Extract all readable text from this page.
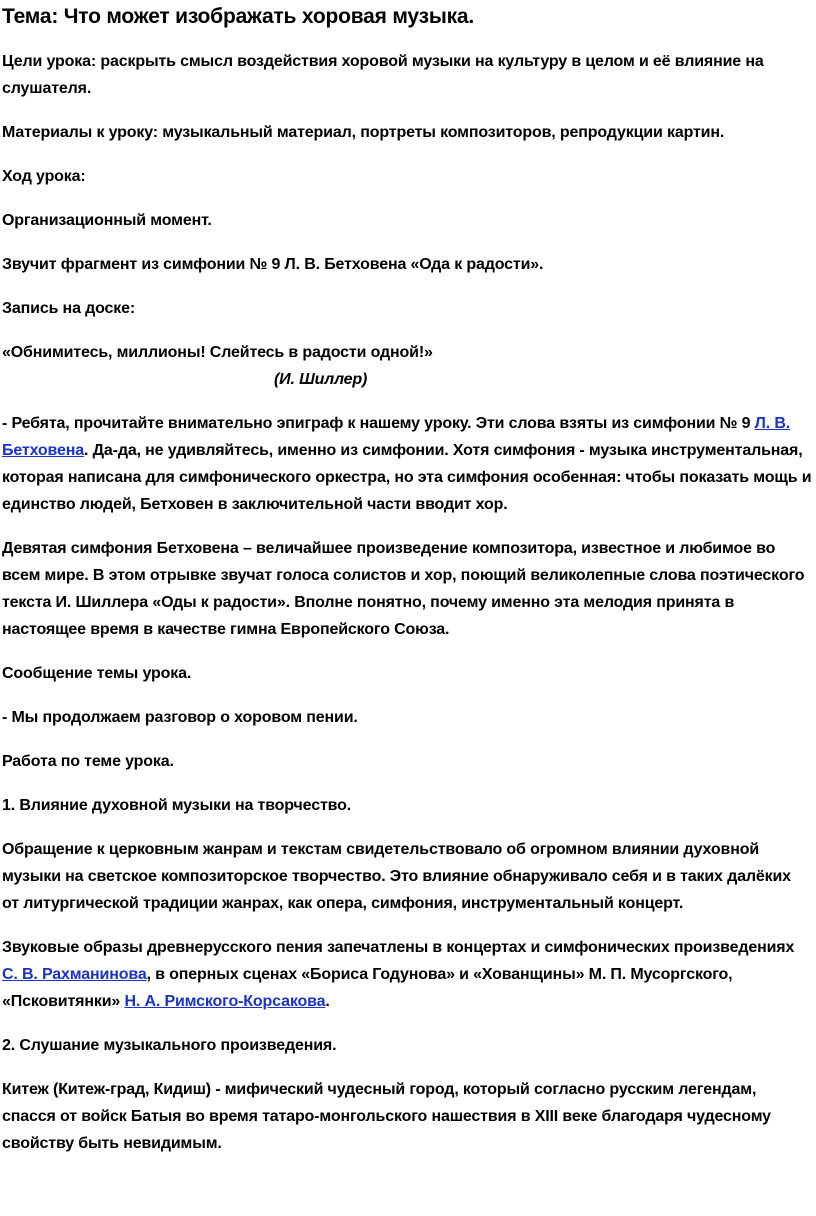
Тема: Что может изображать хоровая музыка.

Цели урока: раскрыть смысл воздействия хоровой музыки на культуру в целом и её влияние на слушателя.

Материалы к уроку: музыкальный материал, портреты композиторов, репродукции картин.

Ход урока:

Организационный момент.

Звучит фрагмент из симфонии № 9 Л. В. Бетховена «Ода к радости».

Запись на доске:

«Обнимитесь, миллионы! Слейтесь в радости одной!»

(И. Шиллер)

- Ребята, прочитайте внимательно эпиграф к нашему уроку. Эти слова взяты из симфонии № 9 Л. В. Бетховена. Да-да, не удивляйтесь, именно из симфонии. Хотя симфония - музыка инструментальная, которая написана для симфонического оркестра, но эта симфония особенная: чтобы показать мощь и единство людей, Бетховен в заключительной части вводит хор.

Девятая симфония Бетховена – величайшее произведение композитора, известное и любимое во всем мире. В этом отрывке звучат голоса солистов и хор, поющий великолепные слова поэтического текста И. Шиллера «Оды к радости». Вполне понятно, почему именно эта мелодия принята в настоящее время в качестве гимна Европейского Союза.

Сообщение темы урока.

- Мы продолжаем разговор о хоровом пении.

Работа по теме урока.

1. Влияние духовной музыки на творчество.

Обращение к церковным жанрам и текстам свидетельствовало об огромном влиянии духовной музыки на светское композиторское творчество. Это влияние обнаруживало себя и в таких далёких от литургической традиции жанрах, как опера, симфония, инструментальный концерт.

Звуковые образы древнерусского пения запечатлены в концертах и симфонических произведениях С. В. Рахманинова, в оперных сценах «Бориса Годунова» и «Хованщины» М. П. Мусоргского, «Псковитянки» Н. А. Римского-Корсакова.

2. Слушание музыкального произведения.

Китеж (Китеж-град, Кидиш) - мифический чудесный город, который согласно русским легендам, спасся от войск Батыя во время татаро-монгольского нашествия в XIII веке благодаря чудесному свойству быть невидимым.
